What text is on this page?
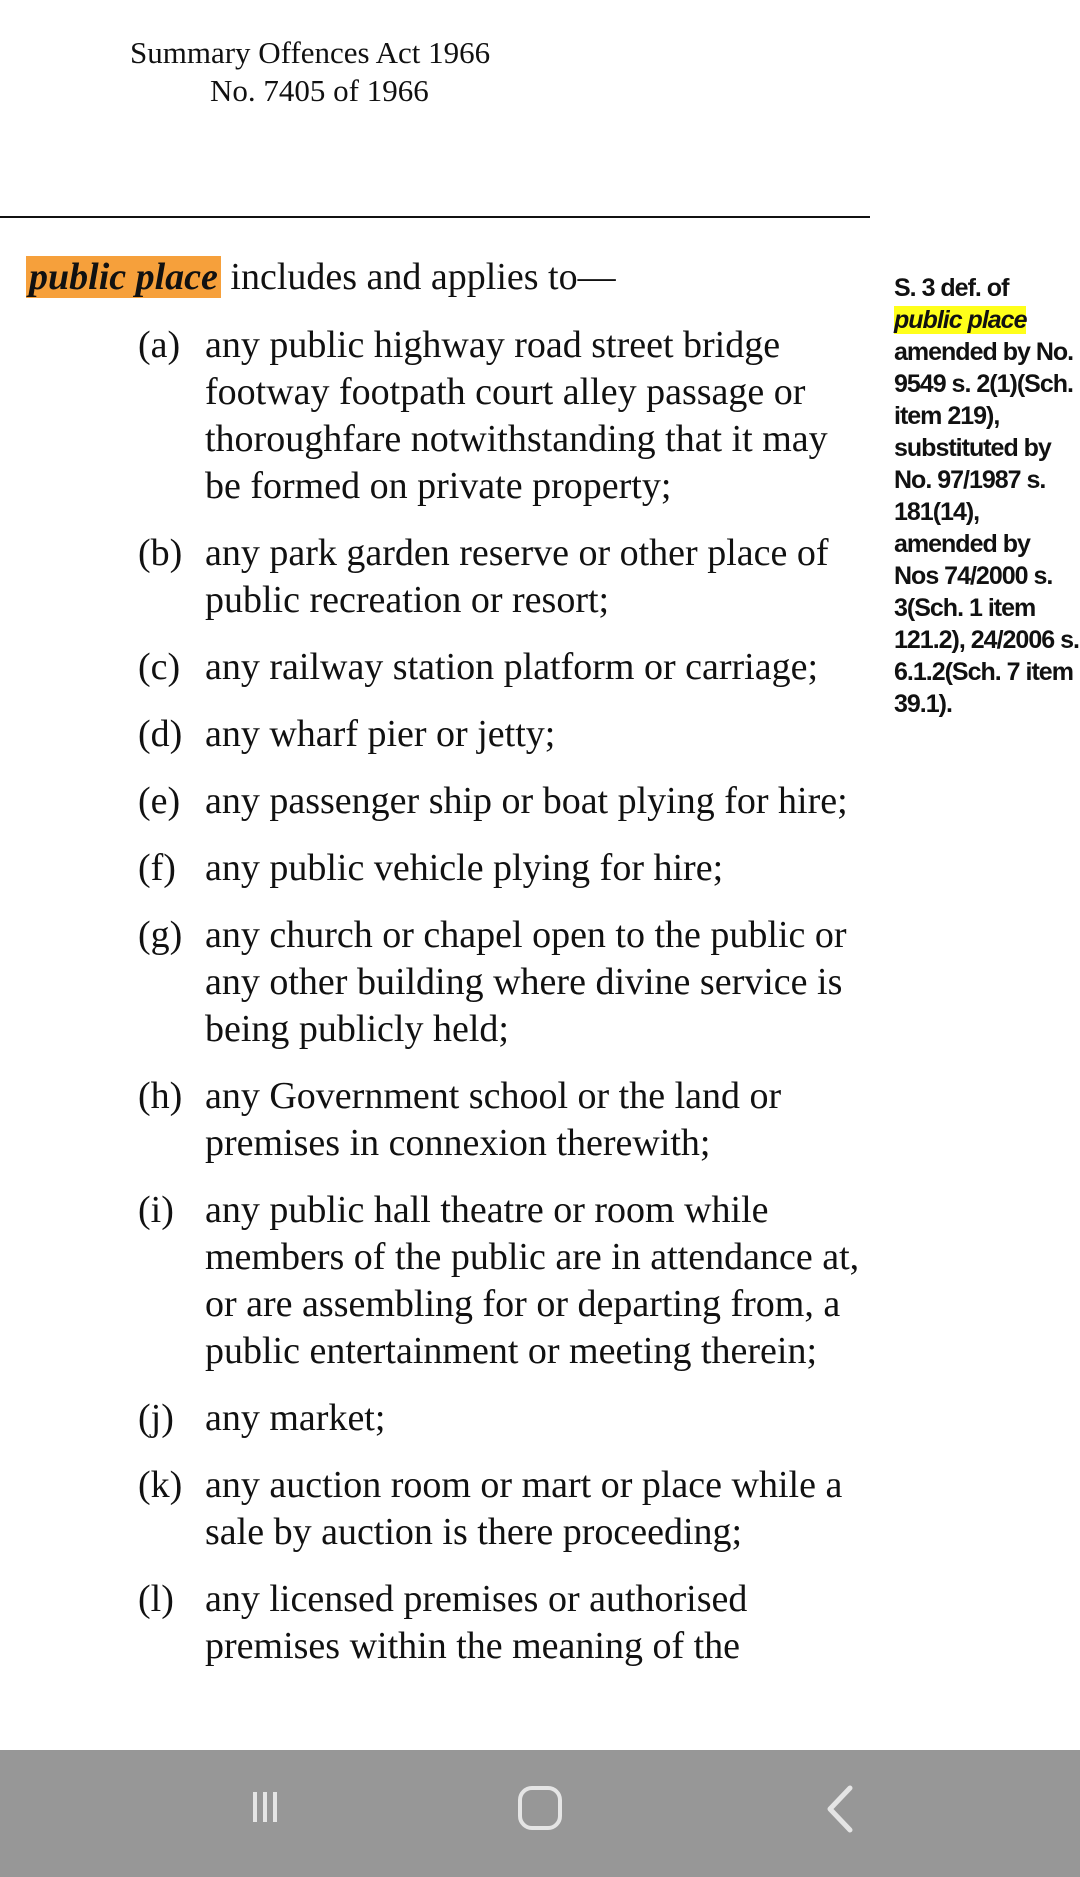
Summary Offences Act 1966
No. 7405 of 1966
public place includes and applies to—
(a) any public highway road street bridge footway footpath court alley passage or thoroughfare notwithstanding that it may be formed on private property;
(b) any park garden reserve or other place of public recreation or resort;
(c) any railway station platform or carriage;
(d) any wharf pier or jetty;
(e) any passenger ship or boat plying for hire;
(f) any public vehicle plying for hire;
(g) any church or chapel open to the public or any other building where divine service is being publicly held;
(h) any Government school or the land or premises in connexion therewith;
(i) any public hall theatre or room while members of the public are in attendance at, or are assembling for or departing from, a public entertainment or meeting therein;
(j) any market;
(k) any auction room or mart or place while a sale by auction is there proceeding;
(l) any licensed premises or authorised premises within the meaning of the
S. 3 def. of
public place
amended by No. 9549 s. 2(1)(Sch. item 219), substituted by No. 97/1987 s. 181(14), amended by Nos 74/2000 s. 3(Sch. 1 item 121.2), 24/2006 s. 6.1.2(Sch. 7 item 39.1).
